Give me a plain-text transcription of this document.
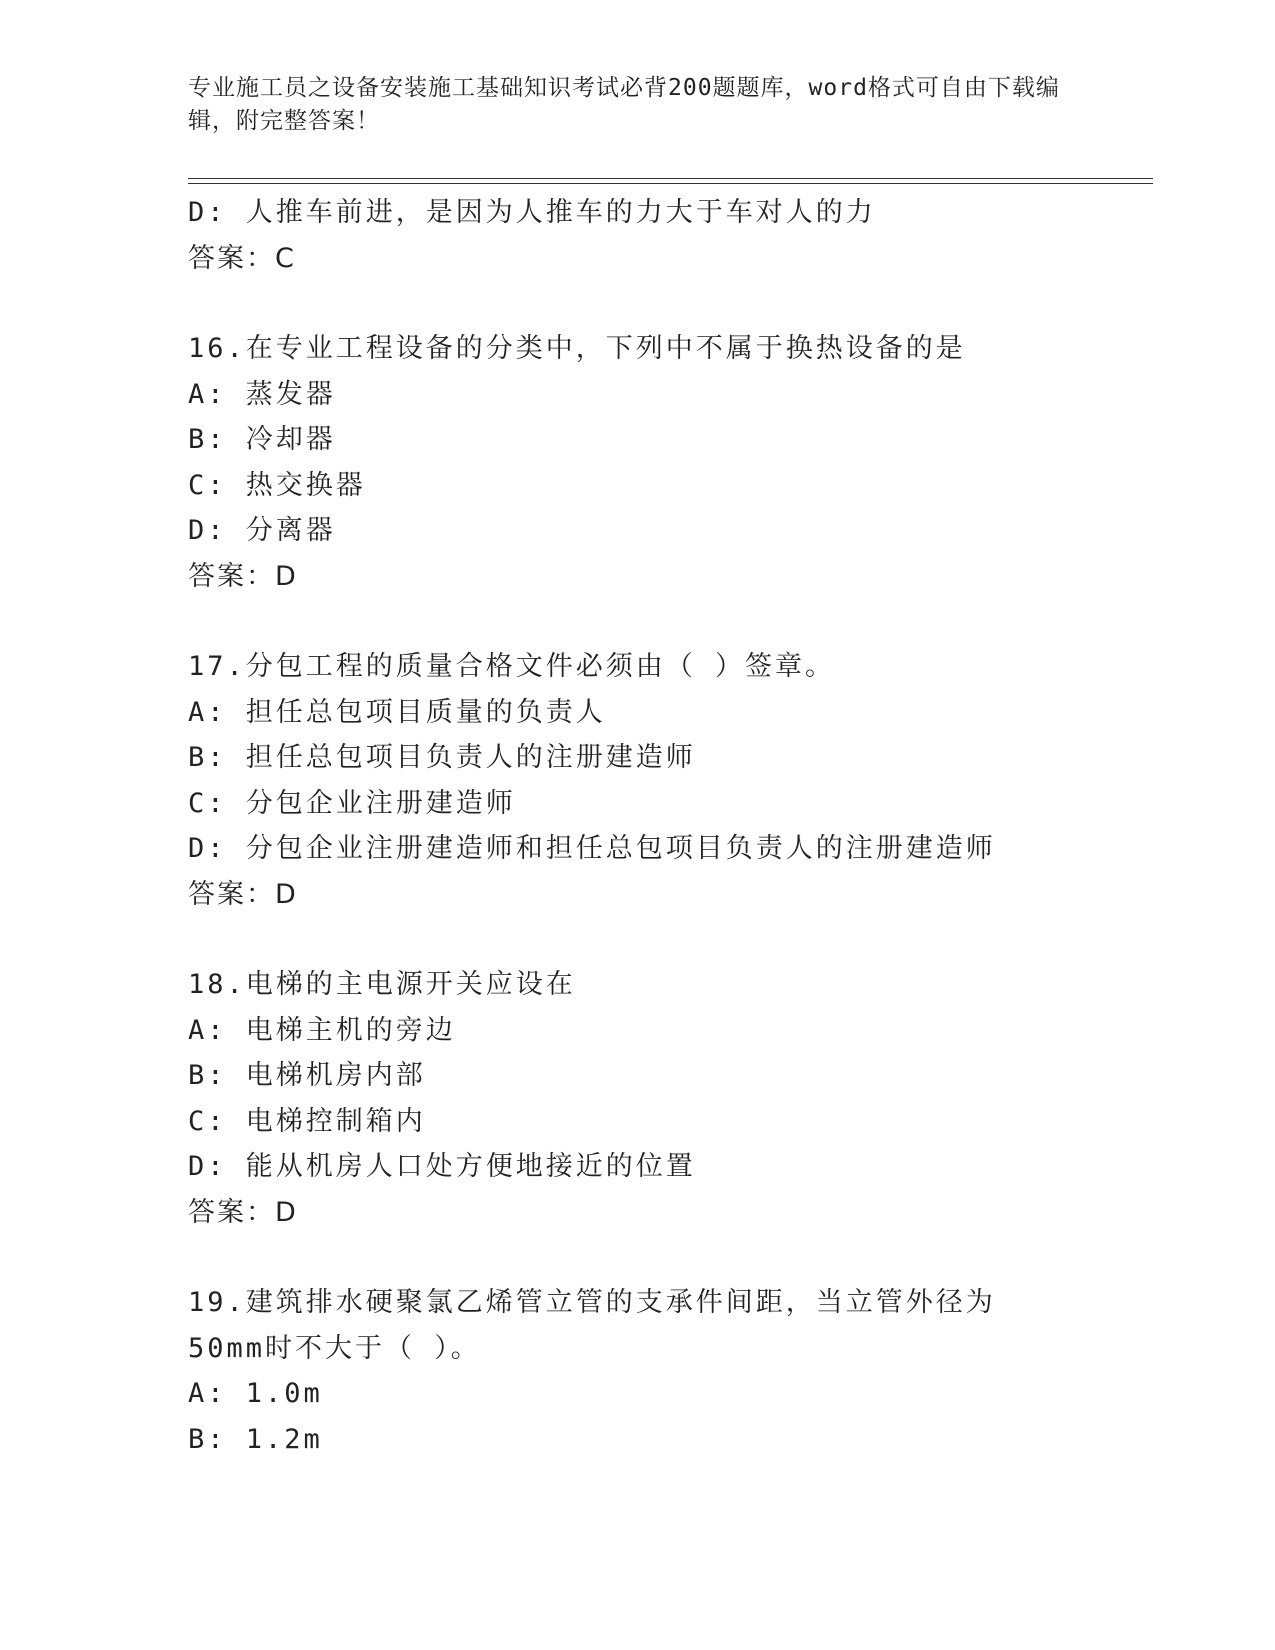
专业施工员之设备安装施工基础知识考试必背200题题库，word格式可自由下载编辑，附完整答案！
D: 人推车前进，是因为人推车的力大于车对人的力
答案：C
16.在专业工程设备的分类中，下列中不属于换热设备的是
A: 蒸发器
B: 冷却器
C: 热交换器
D: 分离器
答案：D
17.分包工程的质量合格文件必须由（ ）签章。
A: 担任总包项目质量的负责人
B: 担任总包项目负责人的注册建造师
C: 分包企业注册建造师
D: 分包企业注册建造师和担任总包项目负责人的注册建造师
答案：D
18.电梯的主电源开关应设在
A: 电梯主机的旁边
B: 电梯机房内部
C: 电梯控制箱内
D: 能从机房人口处方便地接近的位置
答案：D
19.建筑排水硬聚氯乙烯管立管的支承件间距，当立管外径为50mm时不大于（ ）。
A: 1.0m
B: 1.2m
